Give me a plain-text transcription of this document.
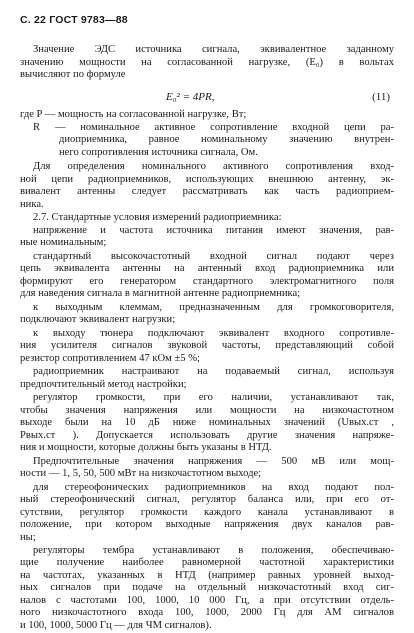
С. 22 ГОСТ 9783—88
E₀² = 4PR,	(11)
Значение ЭДС источника сигнала, эквивалентное заданному
значению мощности на согласованной нагрузке, (E₀) в вольтах
вычисляют по формуле
где P — мощность на согласованной нагрузке, Вт;
R — номинальное активное сопротивление входной цепи ра-
диоприемника, равное номинальному значению внутрен-
него сопротивления источника сигнала, Ом.
Для определения номинального активного сопротивления вход-
ной цепи радиоприемников, использующих внешнюю антенну, эк-
вивалент антенны следует рассматривать как часть радиоприем-
ника.
2.7. Стандартные условия измерений радиоприемника:
напряжение и частота источника питания имеют значения, рав-
ные номинальным;
стандартный высокочастотный входной сигнал подают через
цепь эквивалента антенны на антенный вход радиоприемника или
формируют его генератором стандартного электромагнитного поля
для наведения сигнала в магнитной антенне радиоприемника;
к выходным клеммам, предназначенным для громкоговорителя,
подключают эквивалент нагрузки;
к выходу тюнера подключают эквивалент входного сопротивле-
ния усилителя сигналов звуковой частоты, представляющий собой
резистор сопротивлением 47 кОм ±5 %;
радиоприемник настраивают на подаваемый сигнал, используя
предпочтительный метод настройки;
регулятор громкости, при его наличии, устанавливают так,
чтобы значения напряжения или мощности на низкочастотном
выходе были на 10 дБ ниже номинальных значений (Uвых.ст ,
Pвых.ст ). Допускается использовать другие значения напряже-
ния и мощности, которые должны быть указаны в НТД.
Предпочтительные значения напряжения — 500 мВ или мощ-
ности — 1, 5, 50, 500 мВт на низкочастотном выходе;
для стереофонических радиоприемников на вход подают пол-
ный стереофонический сигнал, регулятор баланса или, при его от-
сутствии, регулятор громкости каждого канала устанавливают в
положение, при котором выходные напряжения двух каналов рав-
ны;
регуляторы тембра устанавливают в положения, обеспечиваю-
щие получение наиболее равномерной частотной характеристики
на частотах, указанных в НТД (например равных уровней выход-
ных сигналов при подаче на отдельный низкочастотный вход сиг-
налов с частотами 100, 1000, 10 000 Гц, а при отсутствии отдель-
ного низкочастотного входа 100, 1000, 2000 Гц для АМ сигналов
и 100, 1000, 5000 Гц — для ЧМ сигналов).
